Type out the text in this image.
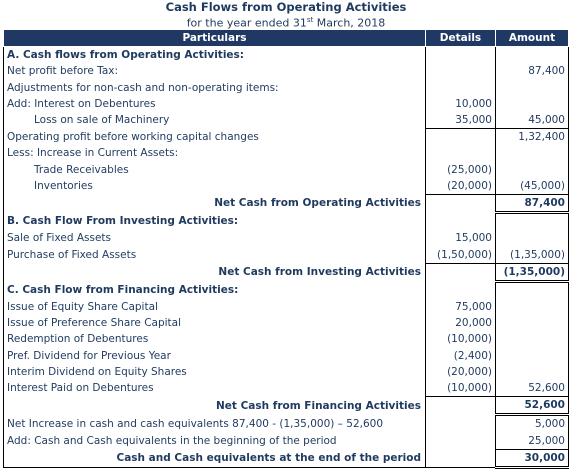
Cash Flows from Operating Activities
for the year ended 31st March, 2018
Particulars	Details	Amount
A. Cash flows from Operating Activities:		
Net profit before Tax:		87,400
Adjustments for non-cash and non-operating items:		
Add: Interest on Debentures	10,000	
Loss on sale of Machinery	35,000	45,000
Operating profit before working capital changes		1,32,400
Less: Increase in Current Assets:		
Trade Receivables	(25,000)	
Inventories	(20,000)	(45,000)
Net Cash from Operating Activities		87,400
B. Cash Flow From Investing Activities:		
Sale of Fixed Assets	15,000	
Purchase of Fixed Assets	(1,50,000)	(1,35,000)
Net Cash from Investing Activities		(1,35,000)
C. Cash Flow from Financing Activities:		
Issue of Equity Share Capital	75,000	
Issue of Preference Share Capital	20,000	
Redemption of Debentures	(10,000)	
Pref. Dividend for Previous Year	(2,400)	
Interim Dividend on Equity Shares	(20,000)	
Interest Paid on Debentures	(10,000)	52,600
Net Cash from Financing Activities		52,600
Net Increase in cash and cash equivalents 87,400 - (1,35,000) – 52,600		5,000
Add: Cash and Cash equivalents in the beginning of the period		25,000
Cash and Cash equivalents at the end of the period		30,000
